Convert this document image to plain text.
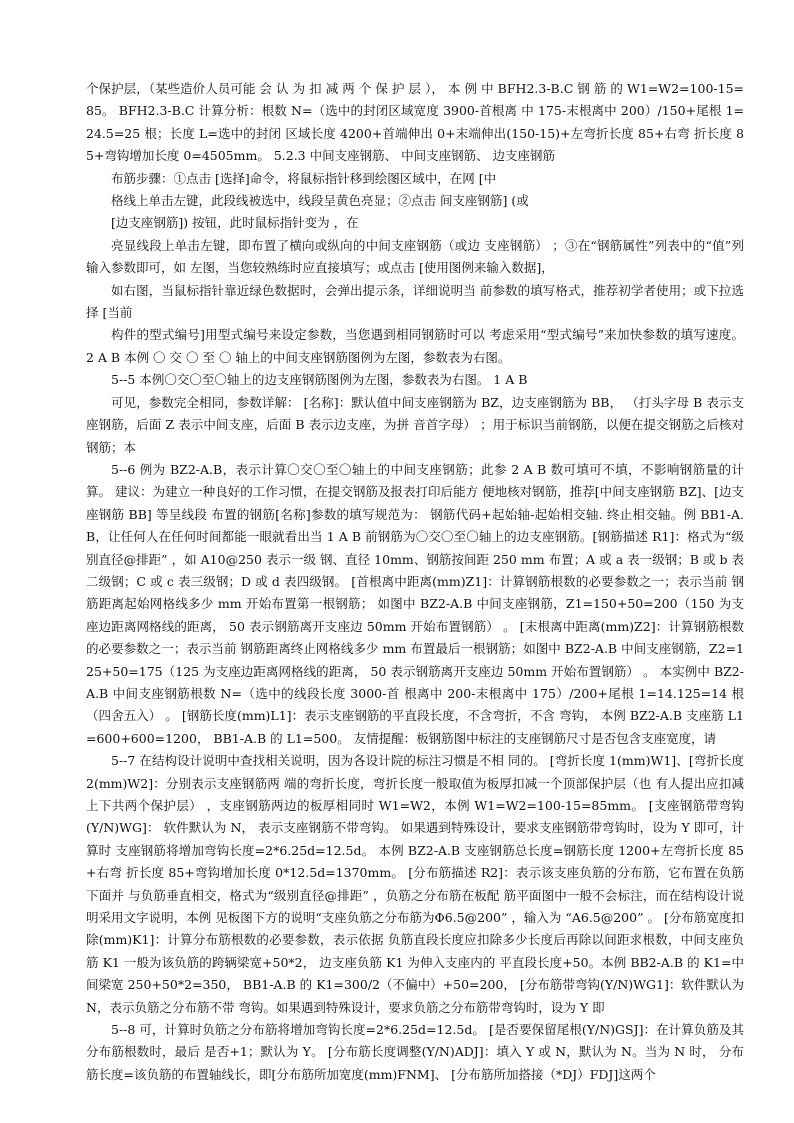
个保护层，（某些造价人员可能 会 认 为 扣 减 两 个 保 护 层 ）， 本 例 中 BFH2.3-B.C 钢 筋 的 W1=W2=100-15=85。 BFH2.3-B.C 计算分析：根数 N=（选中的封闭区域宽度 3900-首根离 中 175-末根离中 200）/150+尾根 1=24.5=25 根；长度 L=选中的封闭 区域长度 4200+首端伸出 0+末端伸出(150-15)+左弯折长度 85+右弯 折长度 85+弯钩增加长度 0=4505mm。 5.2.3 中间支座钢筋、 中间支座钢筋、 边支座钢筋

布筋步骤：①点击 [选择]命令，将鼠标指针移到绘图区域中，在网 [中

格线上单击左键，此段线被选中，线段呈黄色亮显；②点击 间支座钢筋] (或

[边支座钢筋]) 按钮，此时鼠标指针变为 ，在

亮显线段上单击左键，即布置了横向或纵向的中间支座钢筋（或边 支座钢筋） ；③在“钢筋属性”列表中的“值”列输入参数即可，如 左图，当您较熟练时应直接填写；或点击 [使用图例来输入数据]，

如右图，当鼠标指针靠近绿色数据时，会弹出提示条，详细说明当 前参数的填写格式，推荐初学者使用；或下拉选择 [当前

构件的型式编号]用型式编号来设定参数，当您遇到相同钢筋时可以 考虑采用“型式编号”来加快参数的填写速度。 2 A B 本例 〇 交 〇 至 〇 轴上的中间支座钢筋图例为左图，参数表为右图。

5--5 本例〇交〇至〇轴上的边支座钢筋图例为左图，参数表为右图。 1 A B

可见，参数完全相同，参数详解： [名称]：默认值中间支座钢筋为 BZ，边支座钢筋为 BB， （打头字母 B 表示支座钢筋，后面 Z 表示中间支座，后面 B 表示边支座，为拼 音首字母） ；用于标识当前钢筋，以便在提交钢筋之后核对钢筋；本

5--6 例为 BZ2-A.B，表示计算〇交〇至〇轴上的中间支座钢筋；此参 2 A B 数可填可不填，不影响钢筋量的计算。 建议：为建立一种良好的工作习惯，在提交钢筋及报表打印后能方 便地核对钢筋，推荐[中间支座钢筋 BZ]、[边支座钢筋 BB] 等呈线段 布置的钢筋[名称]参数的填写规范为： 钢筋代码+起始轴-起始相交轴. 终止相交轴。例 BB1-A.B，让任何人在任何时间都能一眼就看出当 1 A B 前钢筋为〇交〇至〇轴上的边支座钢筋。[钢筋描述 R1]：格式为“级别直径@排距” ，如 A10@250 表示一级 钢、直径 10mm、钢筋按间距 250 mm 布置；A 或 a 表一级钢；B 或 b 表二级钢；C 或 c 表三级钢；D 或 d 表四级钢。 [首根离中距离(mm)Z1]：计算钢筋根数的必要参数之一；表示当前 钢筋距离起始网格线多少 mm 开始布置第一根钢筋； 如图中 BZ2-A.B 中间支座钢筋，Z1=150+50=200（150 为支座边距离网格线的距离， 50 表示钢筋离开支座边 50mm 开始布置钢筋） 。 [末根离中距离(mm)Z2]：计算钢筋根数的必要参数之一；表示当前 钢筋距离终止网格线多少 mm 布置最后一根钢筋；如图中 BZ2-A.B 中间支座钢筋，Z2=125+50=175（125 为支座边距离网格线的距离， 50 表示钢筋离开支座边 50mm 开始布置钢筋） 。 本实例中 BZ2-A.B 中间支座钢筋根数 N=（选中的线段长度 3000-首 根离中 200-末根离中 175）/200+尾根 1=14.125=14 根（四舍五入） 。 [钢筋长度(mm)L1]：表示支座钢筋的平直段长度，不含弯折，不含 弯钩， 本例 BZ2-A.B 支座筋 L1=600+600=1200， BB1-A.B 的 L1=500。 友情提醒：板钢筋图中标注的支座钢筋尺寸是否包含支座宽度，请

5--7 在结构设计说明中查找相关说明，因为各设计院的标注习惯是不相 同的。 [弯折长度 1(mm)W1]、[弯折长度 2(mm)W2]：分别表示支座钢筋两 端的弯折长度，弯折长度一般取值为板厚扣减一个顶部保护层（也 有人提出应扣减上下共两个保护层） ，支座钢筋两边的板厚相同时 W1=W2，本例 W1=W2=100-15=85mm。 [支座钢筋带弯钩(Y/N)WG]： 软件默认为 N， 表示支座钢筋不带弯钩。 如果遇到特殊设计，要求支座钢筋带弯钩时，设为 Y 即可，计算时 支座钢筋将增加弯钩长度=2*6.25d=12.5d。 本例 BZ2-A.B 支座钢筋总长度=钢筋长度 1200+左弯折长度 85+右弯 折长度 85+弯钩增加长度 0*12.5d=1370mm。 [分布筋描述 R2]：表示该支座负筋的分布筋，它布置在负筋下面并 与负筋垂直相交，格式为“级别直径@排距” ，负筋之分布筋在板配 筋平面图中一般不会标注，而在结构设计说明采用文字说明，本例 见板图下方的说明“支座负筋之分布筋为Φ6.5@200” ，输入为 “A6.5@200” 。 [分布筋宽度扣除(mm)K1]：计算分布筋根数的必要参数，表示依据 负筋直段长度应扣除多少长度后再除以间距求根数，中间支座负筋 K1 一般为该负筋的跨辆梁宽+50*2， 边支座负筋 K1 为伸入支座内的 平直段长度+50。本例 BB2-A.B 的 K1=中间梁宽 250+50*2=350， BB1-A.B 的 K1=300/2（不偏中）+50=200， [分布筋带弯钩(Y/N)WG1]：软件默认为 N，表示负筋之分布筋不带 弯钩。如果遇到特殊设计，要求负筋之分布筋带弯钩时，设为 Y 即

5--8 可，计算时负筋之分布筋将增加弯钩长度=2*6.25d=12.5d。 [是否要保留尾根(Y/N)GSJ]：在计算负筋及其分布筋根数时，最后 是否+1；默认为 Y。 [分布筋长度调整(Y/N)ADJ]：填入 Y 或 N，默认为 N。当为 N 时， 分布筋长度=该负筋的布置轴线长，即[分布筋所加宽度(mm)FNM]、 [分布筋所加搭接（*DJ）FDJ]这两个
